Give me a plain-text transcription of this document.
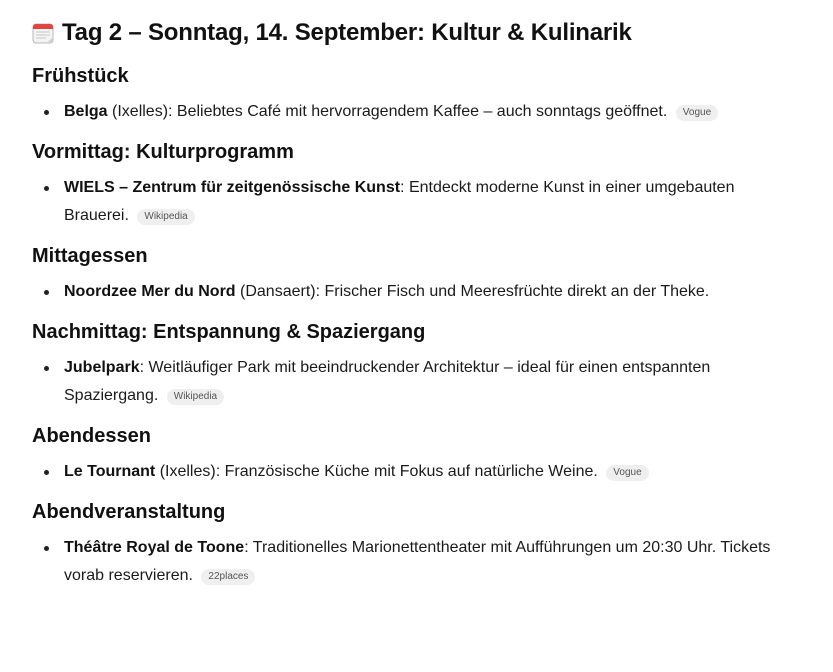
Tag 2 – Sonntag, 14. September: Kultur & Kulinarik
Frühstück
Belga (Ixelles): Beliebtes Café mit hervorragendem Kaffee – auch sonntags geöffnet. Vogue
Vormittag: Kulturprogramm
WIELS – Zentrum für zeitgenössische Kunst: Entdeckt moderne Kunst in einer umgebauten Brauerei. Wikipedia
Mittagessen
Noordzee Mer du Nord (Dansaert): Frischer Fisch und Meeresfrüchte direkt an der Theke.
Nachmittag: Entspannung & Spaziergang
Jubelpark: Weitläufiger Park mit beeindruckender Architektur – ideal für einen entspannten Spaziergang. Wikipedia
Abendessen
Le Tournant (Ixelles): Französische Küche mit Fokus auf natürliche Weine. Vogue
Abendveranstaltung
Théâtre Royal de Toone: Traditionelles Marionettentheater mit Aufführungen um 20:30 Uhr. Tickets vorab reservieren. 22places
